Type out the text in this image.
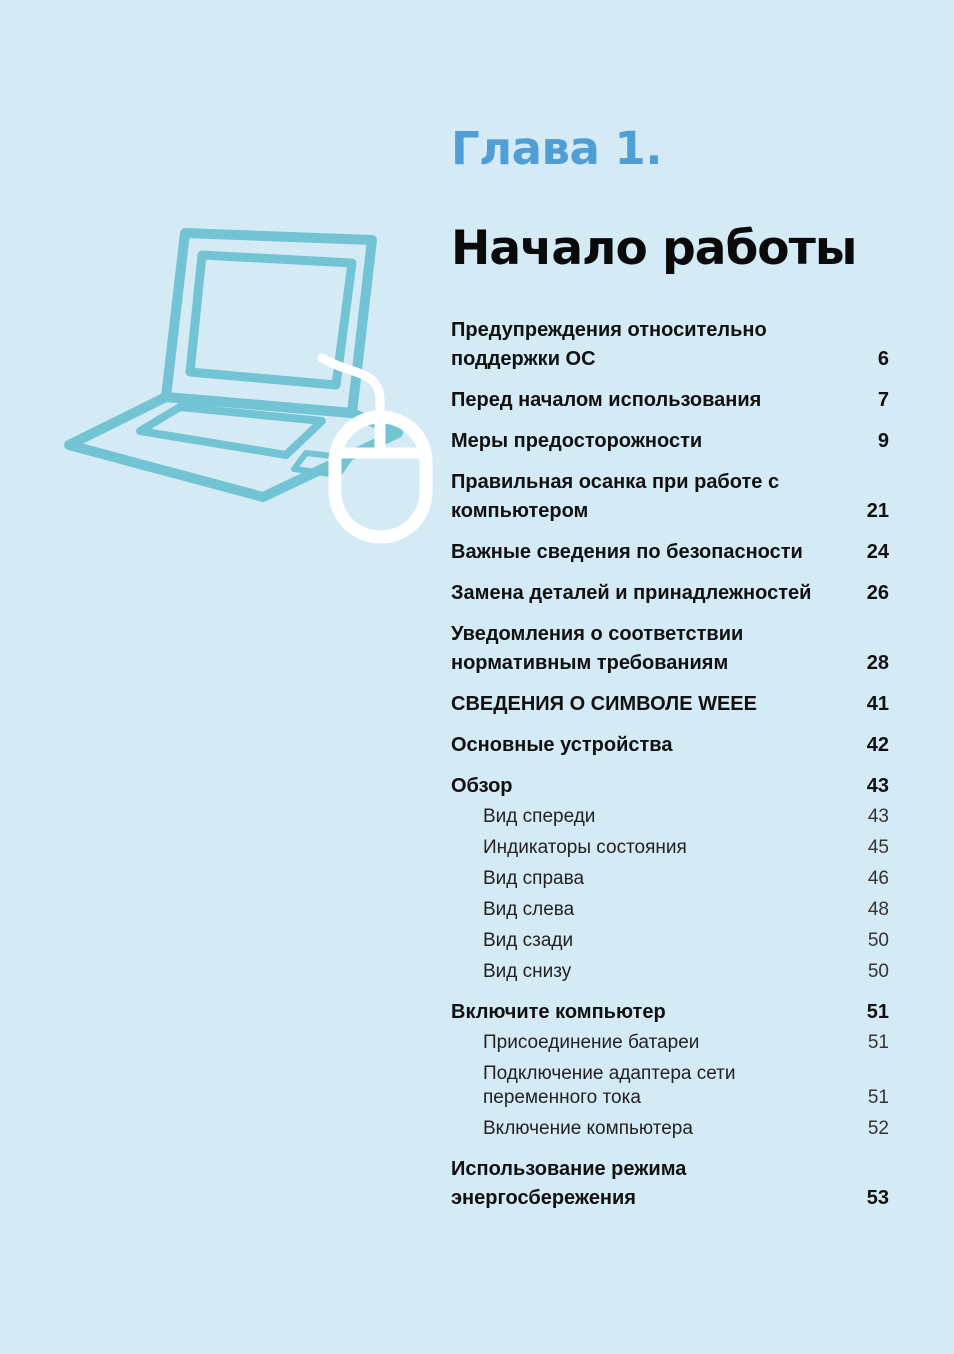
Глава 1.
Начало работы
Предупреждения относительно поддержки ОС	6
Перед началом использования	7
Меры предосторожности	9
Правильная осанка при работе с компьютером	21
Важные сведения по безопасности	24
Замена деталей и принадлежностей	26
Уведомления о соответствии нормативным требованиям	28
СВЕДЕНИЯ О СИМВОЛЕ WEEE	41
Основные устройства	42
Обзор	43
Вид спереди	43
Индикаторы состояния	45
Вид справа	46
Вид слева	48
Вид сзади	50
Вид снизу	50
Включите компьютер	51
Присоединение батареи	51
Подключение адаптера сети переменного тока	51
Включение компьютера	52
Использование режима энергосбережения	53
